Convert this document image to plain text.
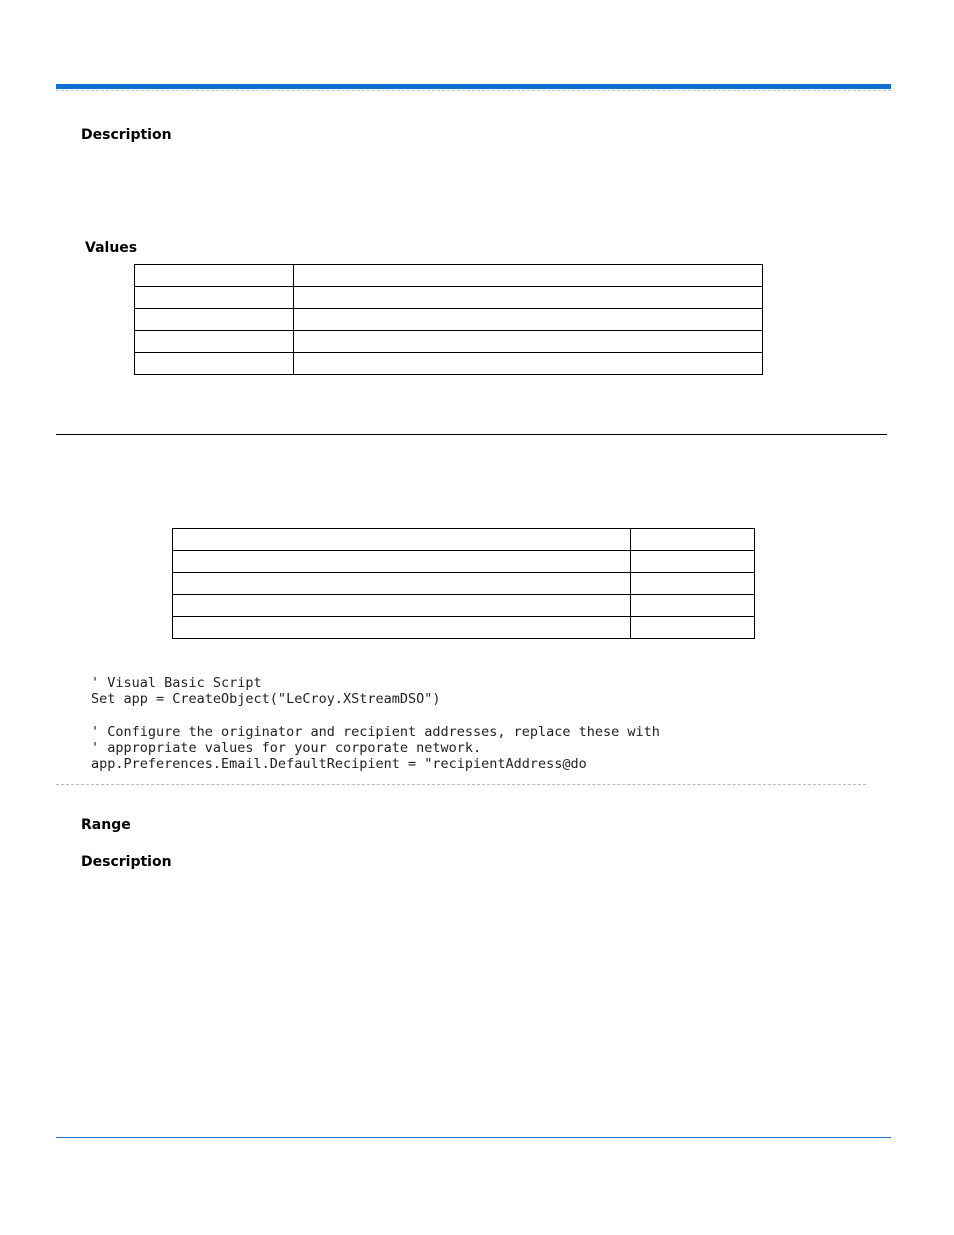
Description
Values

' Visual Basic Script
Set app = CreateObject("LeCroy.XStreamDSO")

' Configure the originator and recipient addresses, replace these with
' appropriate values for your corporate network.
app.Preferences.Email.DefaultRecipient = "recipientAddress@do
Range
Description
